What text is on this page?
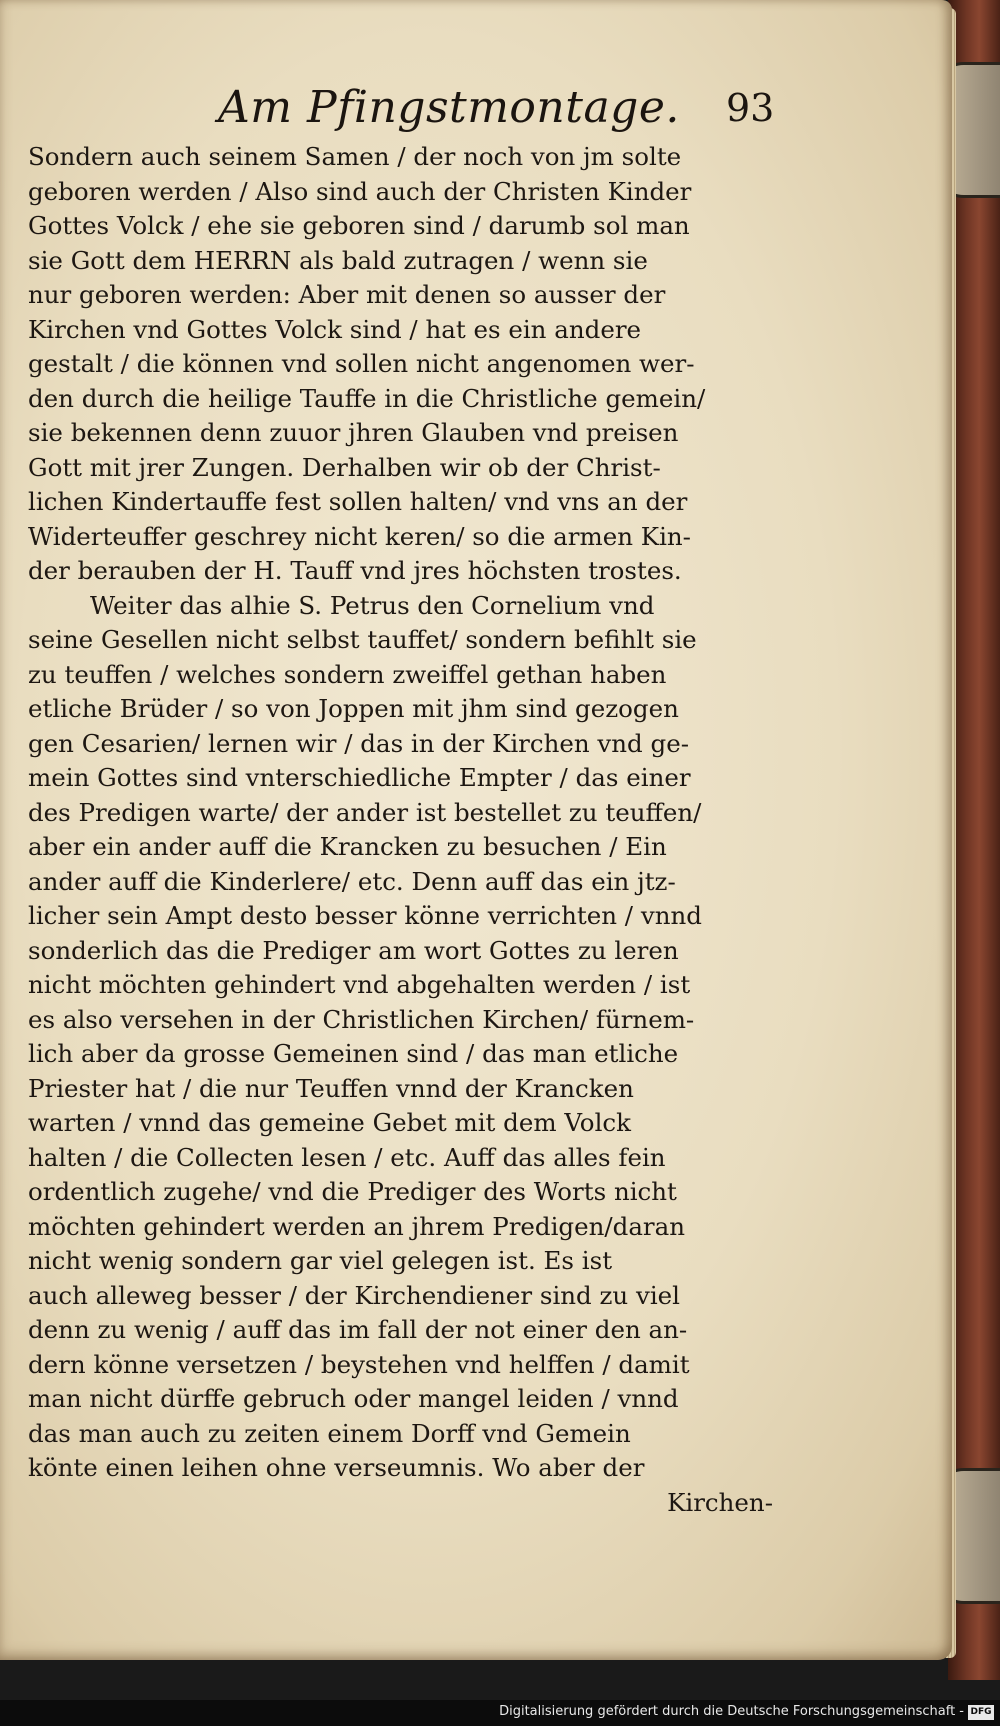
Am Pfingstmontage. 93
Sondern auch seinem Samen / der noch von jm solte
geboren werden / Also sind auch der Christen Kinder
Gottes Volck / ehe sie geboren sind / darumb sol man
sie Gott dem HERRN als bald zutragen / wenn sie
nur geboren werden: Aber mit denen so ausser der
Kirchen vnd Gottes Volck sind / hat es ein andere
gestalt / die können vnd sollen nicht angenomen wer-
den durch die heilige Tauffe in die Christliche gemein/
sie bekennen denn zuuor jhren Glauben vnd preisen
Gott mit jrer Zungen. Derhalben wir ob der Christ-
lichen Kindertauffe fest sollen halten/ vnd vns an der
Widerteuffer geschrey nicht keren/ so die armen Kin-
der berauben der H. Tauff vnd jres höchsten trostes.
Weiter das alhie S. Petrus den Cornelium vnd
seine Gesellen nicht selbst tauffet/ sondern befihlt sie
zu teuffen / welches sondern zweiffel gethan haben
etliche Brüder / so von Joppen mit jhm sind gezogen
gen Cesarien/ lernen wir / das in der Kirchen vnd ge-
mein Gottes sind vnterschiedliche Empter / das einer
des Predigen warte/ der ander ist bestellet zu teuffen/
aber ein ander auff die Krancken zu besuchen / Ein
ander auff die Kinderlere/ etc. Denn auff das ein jtz-
licher sein Ampt desto besser könne verrichten / vnnd
sonderlich das die Prediger am wort Gottes zu leren
nicht möchten gehindert vnd abgehalten werden / ist
es also versehen in der Christlichen Kirchen/ fürnem-
lich aber da grosse Gemeinen sind / das man etliche
Priester hat / die nur Teuffen vnnd der Krancken
warten / vnnd das gemeine Gebet mit dem Volck
halten / die Collecten lesen / etc. Auff das alles fein
ordentlich zugehe/ vnd die Prediger des Worts nicht
möchten gehindert werden an jhrem Predigen/daran
nicht wenig sondern gar viel gelegen ist. Es ist
auch alleweg besser / der Kirchendiener sind zu viel
denn zu wenig / auff das im fall der not einer den an-
dern könne versetzen / beystehen vnd helffen / damit
man nicht dürffe gebruch oder mangel leiden / vnnd
das man auch zu zeiten einem Dorff vnd Gemein
könte einen leihen ohne verseumnis. Wo aber der
Kirchen-
Digitalisierung gefördert durch die Deutsche Forschungsgemeinschaft - DFG
